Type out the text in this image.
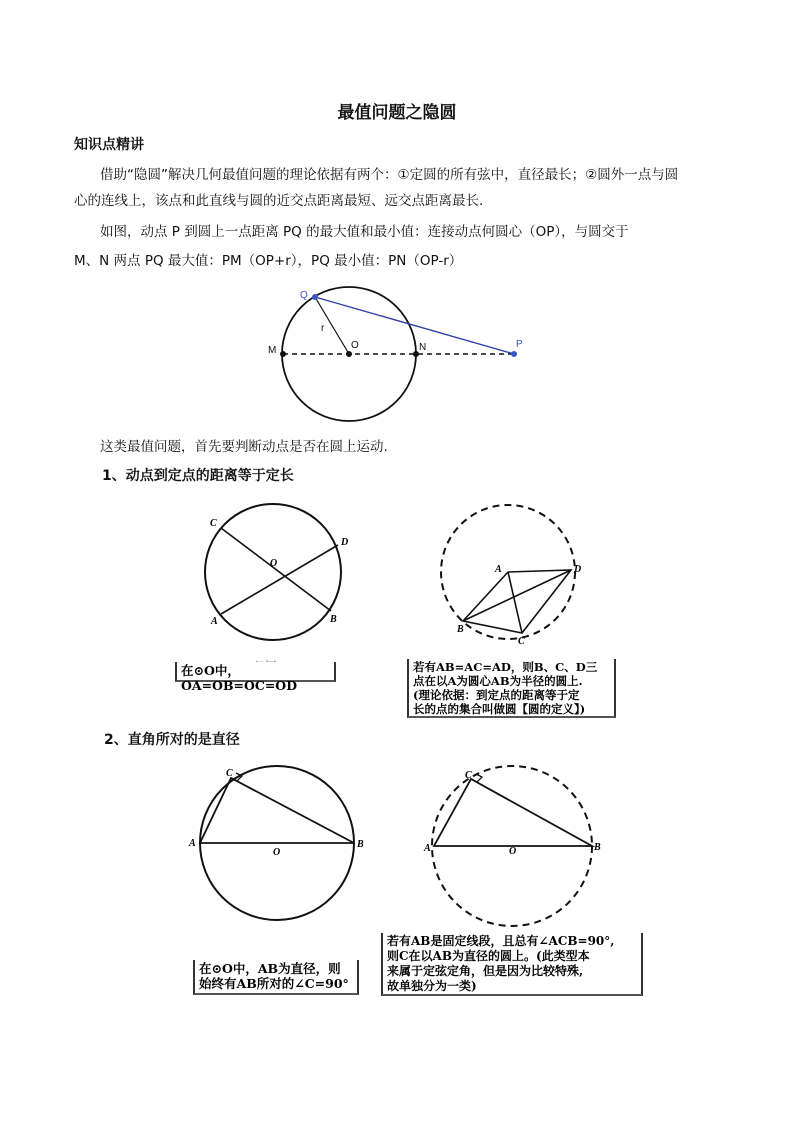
最值问题之隐圆
知识点精讲
借助“隐圆”解决几何最值问题的理论依据有两个：①定圆的所有弦中，直径最长；②圆外一点与圆
心的连线上，该点和此直线与圆的近交点距离最短、远交点距离最长.
如图，动点 P 到圆上一点距离 PQ 的最大值和最小值：连接动点何圆心（OP），与圆交于
M、N 两点 PQ 最大值：PM（OP+r），PQ 最小值：PN（OP-r）
Q
P
M	N
O
r
C
D
O
A	B
A	D
B
C
C
A
O
B
C
A	O	B
这类最值问题，首先要判断动点是否在圆上运动.
1、动点到定点的距离等于定长
2、直角所对的是直径
在⊙O中，OA=OB=OC=OD
若有AB=AC=AD，则B、C、D三
点在以A为圆心AB为半径的圆上.
(理论依据：到定点的距离等于定
长的点的集合叫做圆【圆的定义】)
在⊙O中，AB为直径，则
始终有AB所对的∠C=90°
若有AB是固定线段，且总有∠ACB=90°,
则C在以AB为直径的圆上。(此类型本
来属于定弦定角，但是因为比较特殊,
故单独分为一类)
